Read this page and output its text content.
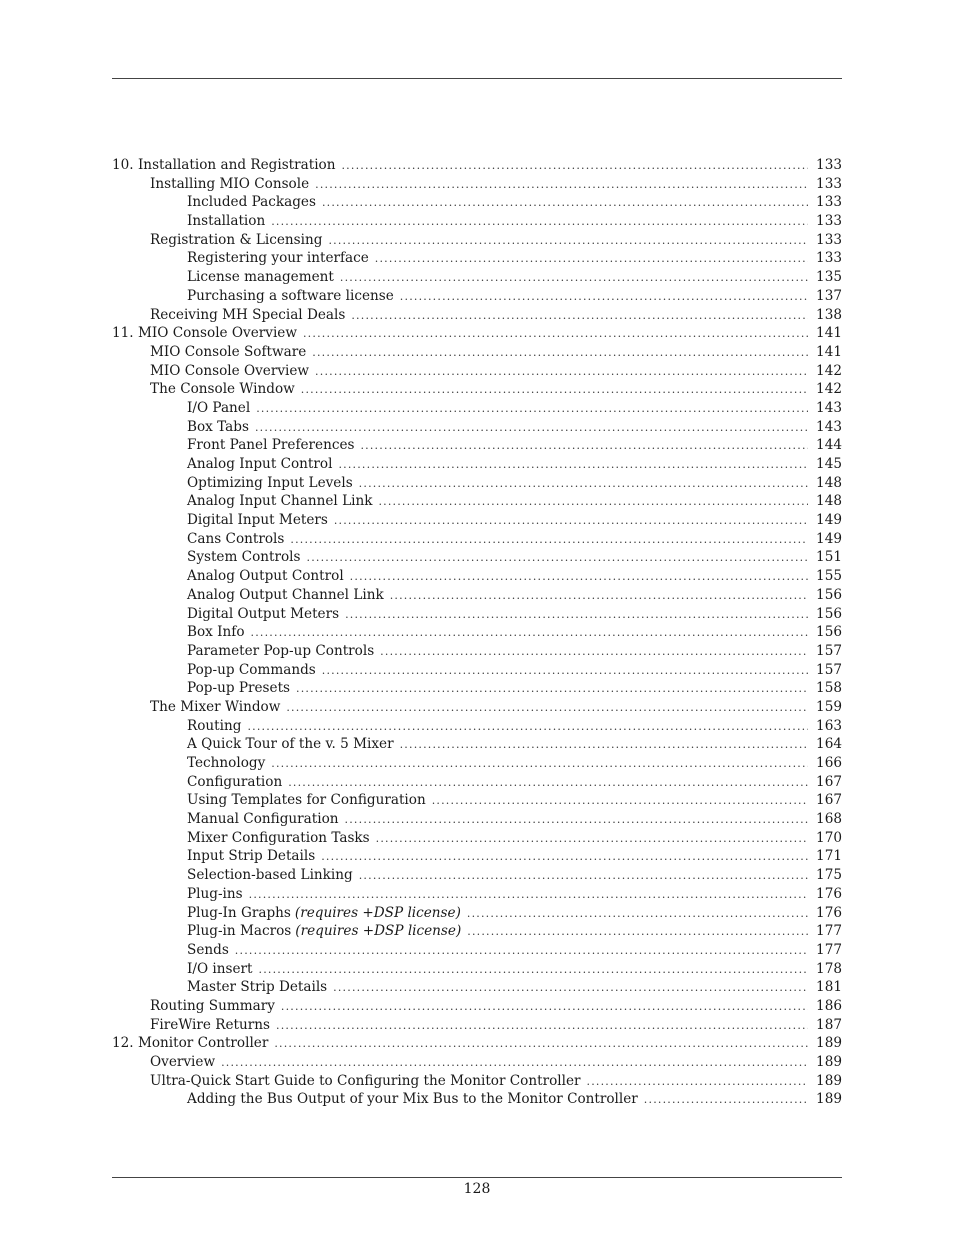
10. Installation and Registration .....	133
Installing MIO Console .....	133
Included Packages .....	133
Installation .....	133
Registration & Licensing .....	133
Registering your interface .....	133
License management .....	135
Purchasing a software license .....	137
Receiving MH Special Deals .....	138
11. MIO Console Overview .....	141
MIO Console Software .....	141
MIO Console Overview .....	142
The Console Window .....	142
I/O Panel .....	143
Box Tabs .....	143
Front Panel Preferences .....	144
Analog Input Control .....	145
Optimizing Input Levels .....	148
Analog Input Channel Link .....	148
Digital Input Meters .....	149
Cans Controls .....	149
System Controls .....	151
Analog Output Control .....	155
Analog Output Channel Link .....	156
Digital Output Meters .....	156
Box Info .....	156
Parameter Pop-up Controls .....	157
Pop-up Commands .....	157
Pop-up Presets .....	158
The Mixer Window .....	159
Routing .....	163
A Quick Tour of the v. 5 Mixer .....	164
Technology .....	166
Configuration .....	167
Using Templates for Configuration .....	167
Manual Configuration .....	168
Mixer Configuration Tasks .....	170
Input Strip Details .....	171
Selection-based Linking .....	175
Plug-ins .....	176
Plug-In Graphs (requires +DSP license) .....	176
Plug-in Macros (requires +DSP license) .....	177
Sends .....	177
I/O insert .....	178
Master Strip Details .....	181
Routing Summary .....	186
FireWire Returns .....	187
12. Monitor Controller .....	189
Overview .....	189
Ultra-Quick Start Guide to Configuring the Monitor Controller .....	189
Adding the Bus Output of your Mix Bus to the Monitor Controller .....	189
128
